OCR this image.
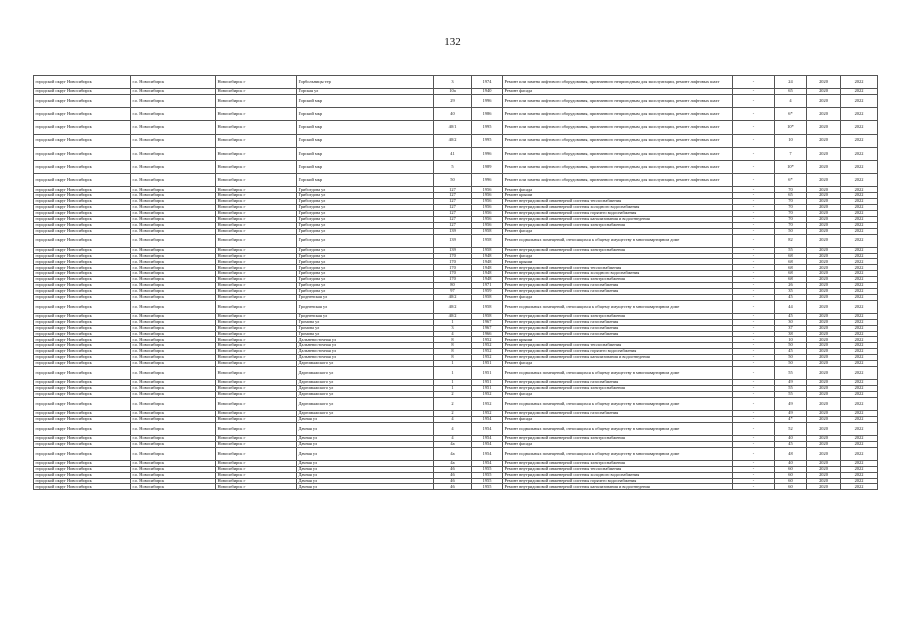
132
городской округ Новосибирск	г.о. Новосибирск	Новосибирск г	Горбольницы тер	3	1974	Ремонт или замена лифтового оборудования, признанного непригодным для эксплуатации, ремонт лифтовых шахт	-	24	2020	2022
городской округ Новосибирск	г.о. Новосибирск	Новосибирск г	Горская ул	10а	1940	Ремонт фасада	-	65	2020	2022
городской округ Новосибирск	г.о. Новосибирск	Новосибирск г	Горский мкр	29	1996	Ремонт или замена лифтового оборудования, признанного непригодным для эксплуатации, ремонт лифтовых шахт	-	4	2020	2022
городской округ Новосибирск	г.о. Новосибирск	Новосибирск г	Горский мкр	40	1986	Ремонт или замена лифтового оборудования, признанного непригодным для эксплуатации, ремонт лифтовых шахт	-	6*	2020	2022
городской округ Новосибирск	г.о. Новосибирск	Новосибирск г	Горский мкр	40/1	1995	Ремонт или замена лифтового оборудования, признанного непригодным для эксплуатации, ремонт лифтовых шахт	-	10*	2020	2022
городской округ Новосибирск	г.о. Новосибирск	Новосибирск г	Горский мкр	40/2	1995	Ремонт или замена лифтового оборудования, признанного непригодным для эксплуатации, ремонт лифтовых шахт	-	10	2020	2022
городской округ Новосибирск	г.о. Новосибирск	Новосибирск г	Горский мкр	41	1996	Ремонт или замена лифтового оборудования, признанного непригодным для эксплуатации, ремонт лифтовых шахт	-	7	2020	2022
городской округ Новосибирск	г.о. Новосибирск	Новосибирск г	Горский мкр	5	1989	Ремонт или замена лифтового оборудования, признанного непригодным для эксплуатации, ремонт лифтовых шахт	-	10*	2020	2022
городской округ Новосибирск	г.о. Новосибирск	Новосибирск г	Горский мкр	50	1996	Ремонт или замена лифтового оборудования, признанного непригодным для эксплуатации, ремонт лифтовых шахт	-	6*	2020	2022
городской округ Новосибирск	г.о. Новосибирск	Новосибирск г	Грибоедова ул	127	1956	Ремонт фасада	-	70	2020	2022
городской округ Новосибирск	г.о. Новосибирск	Новосибирск г	Грибоедова ул	127	1956	Ремонт крыши	-	65	2020	2022
городской округ Новосибирск	г.о. Новосибирск	Новосибирск г	Грибоедова ул	127	1956	Ремонт внутридомовой инженерной системы теплоснабжения	-	70	2020	2022
городской округ Новосибирск	г.о. Новосибирск	Новосибирск г	Грибоедова ул	127	1956	Ремонт внутридомовой инженерной системы холодного водоснабжения	-	70	2020	2022
городской округ Новосибирск	г.о. Новосибирск	Новосибирск г	Грибоедова ул	127	1956	Ремонт внутридомовой инженерной системы горячего водоснабжения	-	70	2020	2022
городской округ Новосибирск	г.о. Новосибирск	Новосибирск г	Грибоедова ул	127	1956	Ремонт внутридомовой инженерной системы канализования и водоотведения	-	70	2020	2022
городской округ Новосибирск	г.о. Новосибирск	Новосибирск г	Грибоедова ул	127	1956	Ремонт внутридомовой инженерной системы электроснабжения	-	70	2020	2022
городской округ Новосибирск	г.о. Новосибирск	Новосибирск г	Грибоедова ул	139	1958	Ремонт фасада	-	50	2020	2022
городской округ Новосибирск	г.о. Новосибирск	Новосибирск г	Грибоедова ул	139	1958	Ремонт подвальных помещений, относящихся к общему имуществу в многоквартирном доме	-	82	2020	2022
городской округ Новосибирск	г.о. Новосибирск	Новосибирск г	Грибоедова ул	139	1958	Ремонт внутридомовой инженерной системы электроснабжения	-	55	2020	2022
городской округ Новосибирск	г.о. Новосибирск	Новосибирск г	Грибоедова ул	170	1948	Ремонт фасада	-	68	2020	2022
городской округ Новосибирск	г.о. Новосибирск	Новосибирск г	Грибоедова ул	170	1948	Ремонт крыши	-	68	2020	2022
городской округ Новосибирск	г.о. Новосибирск	Новосибирск г	Грибоедова ул	170	1948	Ремонт внутридомовой инженерной системы теплоснабжения	-	68	2020	2022
городской округ Новосибирск	г.о. Новосибирск	Новосибирск г	Грибоедова ул	170	1948	Ремонт внутридомовой инженерной системы холодного водоснабжения	-	68	2020	2022
городской округ Новосибирск	г.о. Новосибирск	Новосибирск г	Грибоедова ул	170	1948	Ремонт внутридомовой инженерной системы электроснабжения	-	68	2020	2022
городской округ Новосибирск	г.о. Новосибирск	Новосибирск г	Грибоедова ул	80	1971	Ремонт внутридомовой инженерной системы газоснабжения	-	26	2020	2022
городской округ Новосибирск	г.о. Новосибирск	Новосибирск г	Грибоедова ул	97	1959	Ремонт внутридомовой инженерной системы газоснабжения	-	35	2020	2022
городской округ Новосибирск	г.о. Новосибирск	Новосибирск г	Гродненская ул	40/2	1958	Ремонт фасада	-	45	2020	2022
городской округ Новосибирск	г.о. Новосибирск	Новосибирск г	Гродненская ул	40/2	1958	Ремонт подвальных помещений, относящихся к общему имуществу в многоквартирном доме	-	44	2020	2022
городской округ Новосибирск	г.о. Новосибирск	Новосибирск г	Гродненская ул	40/2	1958	Ремонт внутридомовой инженерной системы электроснабжения	-	45	2020	2022
городской округ Новосибирск	г.о. Новосибирск	Новосибирск г	Громова ул	1	1967	Ремонт внутридомовой инженерной системы газоснабжения	-	30	2020	2022
городской округ Новосибирск	г.о. Новосибирск	Новосибирск г	Громова ул	3	1967	Ремонт внутридомовой инженерной системы газоснабжения	-	37	2020	2022
городской округ Новосибирск	г.о. Новосибирск	Новосибирск г	Громова ул	4	1966	Ремонт внутридомовой инженерной системы газоснабжения	-	38	2020	2022
городской округ Новосибирск	г.о. Новосибирск	Новосибирск г	Дальневосточная ул	8	1952	Ремонт крыши	-	10	2020	2022
городской округ Новосибирск	г.о. Новосибирск	Новосибирск г	Дальневосточная ул	8	1952	Ремонт внутридомовой инженерной системы теплоснабжения	-	50	2020	2022
городской округ Новосибирск	г.о. Новосибирск	Новосибирск г	Дальневосточная ул	8	1952	Ремонт внутридомовой инженерной системы горячего водоснабжения	-	45	2020	2022
городской округ Новосибирск	г.о. Новосибирск	Новосибирск г	Дальневосточная ул	8	1952	Ремонт внутридомовой инженерной системы канализования и водоотведения	-	50	2020	2022
городской округ Новосибирск	г.о. Новосибирск	Новосибирск г	Даргомыжского ул	1	1951	Ремонт фасада	-	50	2020	2022
городской округ Новосибирск	г.о. Новосибирск	Новосибирск г	Даргомыжского ул	1	1951	Ремонт подвальных помещений, относящихся к общему имуществу в многоквартирном доме	-	55	2020	2022
городской округ Новосибирск	г.о. Новосибирск	Новосибирск г	Даргомыжского ул	1	1951	Ремонт внутридомовой инженерной системы газоснабжения	-	49	2020	2022
городской округ Новосибирск	г.о. Новосибирск	Новосибирск г	Даргомыжского ул	1	1951	Ремонт внутридомовой инженерной системы электроснабжения	-	55	2020	2022
городской округ Новосибирск	г.о. Новосибирск	Новосибирск г	Даргомыжского ул	2	1952	Ремонт фасада	-	55	2020	2022
городской округ Новосибирск	г.о. Новосибирск	Новосибирск г	Даргомыжского ул	2	1952	Ремонт подвальных помещений, относящихся к общему имуществу в многоквартирном доме	-	49	2020	2022
городской округ Новосибирск	г.о. Новосибирск	Новосибирск г	Даргомыжского ул	2	1952	Ремонт внутридомовой инженерной системы газоснабжения	-	49	2020	2022
городской округ Новосибирск	г.о. Новосибирск	Новосибирск г	Дачная ул	4	1954	Ремонт фасада	-	4*	2020	2022
городской округ Новосибирск	г.о. Новосибирск	Новосибирск г	Дачная ул	4	1954	Ремонт подвальных помещений, относящихся к общему имуществу в многоквартирном доме	-	52	2020	2022
городской округ Новосибирск	г.о. Новосибирск	Новосибирск г	Дачная ул	4	1954	Ремонт внутридомовой инженерной системы электроснабжения	-	40	2020	2022
городской округ Новосибирск	г.о. Новосибирск	Новосибирск г	Дачная ул	4а	1954	Ремонт фасада	-	45	2020	2022
городской округ Новосибирск	г.о. Новосибирск	Новосибирск г	Дачная ул	4а	1954	Ремонт подвальных помещений, относящихся к общему имуществу в многоквартирном доме	-	48	2020	2022
городской округ Новосибирск	г.о. Новосибирск	Новосибирск г	Дачная ул	4а	1954	Ремонт внутридомовой инженерной системы электроснабжения	-	40	2020	2022
городской округ Новосибирск	г.о. Новосибирск	Новосибирск г	Дачная ул	46	1955	Ремонт внутридомовой инженерной системы теплоснабжения	-	60	2020	2022
городской округ Новосибирск	г.о. Новосибирск	Новосибирск г	Дачная ул	46	1955	Ремонт внутридомовой инженерной системы холодного водоснабжения	-	60	2020	2022
городской округ Новосибирск	г.о. Новосибирск	Новосибирск г	Дачная ул	46	1955	Ремонт внутридомовой инженерной системы горячего водоснабжения	-	60	2020	2022
городской округ Новосибирск	г.о. Новосибирск	Новосибирск г	Дачная ул	46	1955	Ремонт внутридомовой инженерной системы канализования и водоотведения	-	60	2020	2022
